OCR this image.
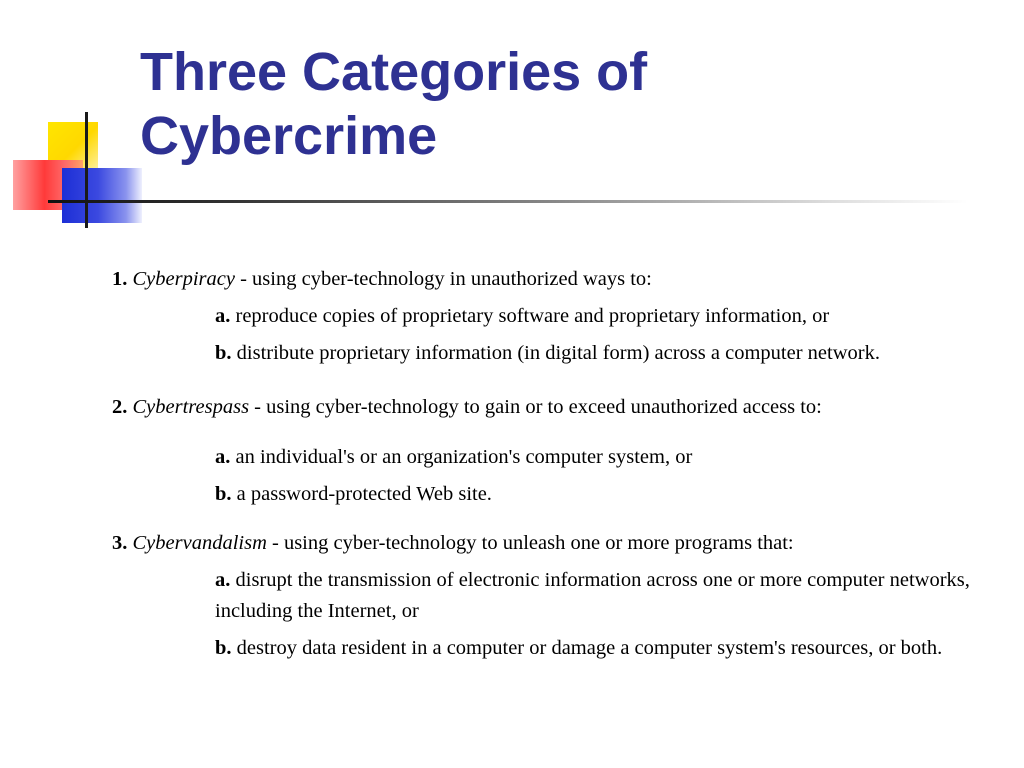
Three Categories of
Cybercrime
1. Cyberpiracy - using cyber-technology in unauthorized ways to:
a. reproduce copies of proprietary software and proprietary information, or
b. distribute proprietary information (in digital form) across a computer network.
2. Cybertrespass - using cyber-technology to gain or to exceed unauthorized access to:
a. an individual's or an organization's computer system, or
b. a password-protected Web site.
3. Cybervandalism - using cyber-technology to unleash one or more programs that:
a. disrupt the transmission of electronic information across one or more computer networks, including the Internet, or
b. destroy data resident in a computer or damage a computer system's resources, or both.
